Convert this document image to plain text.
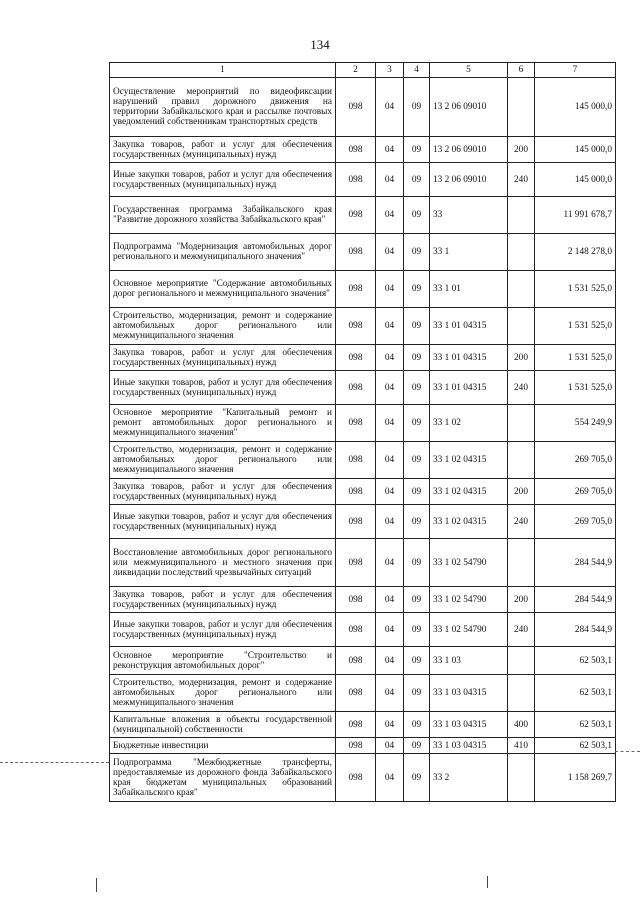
134
1	2	3	4	5	6	7
Осуществление мероприятий по видеофиксации нарушений правил дорожного движения на территории Забайкальского края и рассылке почтовых уведомлений собственникам транспортных средств	098	04	09	13 2 06 09010		145 000,0
Закупка товаров, работ и услуг для обеспечения государственных (муниципальных) нужд	098	04	09	13 2 06 09010	200	145 000,0
Иные закупки товаров, работ и услуг для обеспечения государственных (муниципальных) нужд	098	04	09	13 2 06 09010	240	145 000,0
Государственная программа Забайкальского края "Развитие дорожного хозяйства Забайкальского края"	098	04	09	33		11 991 678,7
Подпрограмма "Модернизация автомобильных дорог регионального и межмуниципального значения"	098	04	09	33 1		2 148 278,0
Основное мероприятие "Содержание автомобильных дорог регионального и межмуниципального значения"	098	04	09	33 1 01		1 531 525,0
Строительство, модернизация, ремонт и содержание автомобильных дорог регионального или межмуниципального значения	098	04	09	33 1 01 04315		1 531 525,0
Закупка товаров, работ и услуг для обеспечения государственных (муниципальных) нужд	098	04	09	33 1 01 04315	200	1 531 525,0
Иные закупки товаров, работ и услуг для обеспечения государственных (муниципальных) нужд	098	04	09	33 1 01 04315	240	1 531 525,0
Основное мероприятие "Капитальный ремонт и ремонт автомобильных дорог регионального и межмуниципального значения"	098	04	09	33 1 02		554 249,9
Строительство, модернизация, ремонт и содержание автомобильных дорог регионального или межмуниципального значения	098	04	09	33 1 02 04315		269 705,0
Закупка товаров, работ и услуг для обеспечения государственных (муниципальных) нужд	098	04	09	33 1 02 04315	200	269 705,0
Иные закупки товаров, работ и услуг для обеспечения государственных (муниципальных) нужд	098	04	09	33 1 02 04315	240	269 705,0
Восстановление автомобильных дорог регионального или межмуниципального и местного значения при ликвидации последствий чрезвычайных ситуаций	098	04	09	33 1 02 54790		284 544,9
Закупка товаров, работ и услуг для обеспечения государственных (муниципальных) нужд	098	04	09	33 1 02 54790	200	284 544,9
Иные закупки товаров, работ и услуг для обеспечения государственных (муниципальных) нужд	098	04	09	33 1 02 54790	240	284 544,9
Основное мероприятие "Строительство и реконструкция автомобильных дорог"	098	04	09	33 1 03		62 503,1
Строительство, модернизация, ремонт и содержание автомобильных дорог регионального или межмуниципального значения	098	04	09	33 1 03 04315		62 503,1
Капитальные вложения в объекты государственной (муниципальной) собственности	098	04	09	33 1 03 04315	400	62 503,1
Бюджетные инвестиции	098	04	09	33 1 03 04315	410	62 503,1
Подпрограмма "Межбюджетные трансферты, предоставляемые из дорожного фонда Забайкальского края бюджетам муниципальных образований Забайкальского края"	098	04	09	33 2		1 158 269,7
